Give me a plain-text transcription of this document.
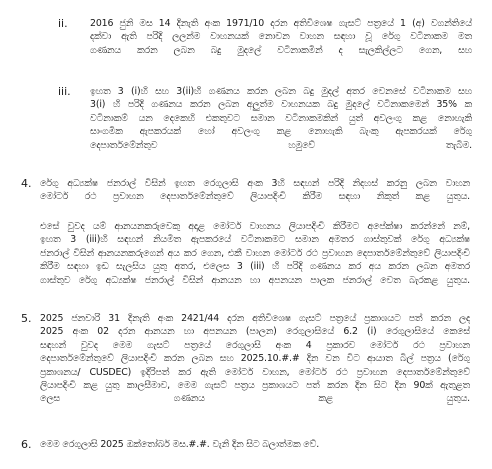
ii. 2016 ජුනි මස 14 දිනැති අංක 1971/10 දරන අතිවිශෙෂ ගැසට් පත්‍රයේ 1 (අ) වගන්තියේ
දක්වා ඇති පරිදි ලලන්ම වාහනයක් නොවන වාහන සඳහා වූ රේගු වටිනාකම මත
ගණනය කරන ලබන බදු මුදලේ වටිනාකමින් ද සැලකිල්ලට ගෙන, සහ
iii. ඉහත 3 (i)හි සහ 3(ii)හි ගණනය කරන ලබන බදු මුදල් අතර වෙනසේ වටිනාකම සහ
3(i) හි පරිදි ගණනය කරන ලබන අලුත්ම වාහනයක බදු මුදලේ වටිනාකමෙන් 35% ක
වටිනාකම් යන දෙකෙහි එකතුවට සමාන වටිනාකමකින් යුත් අවලංගු කළ නොහැකි
සාංගමික ඇපකරයක් හෝ අවලංගු කළ නොහැකි බැංකු ඇපකරයක් රේගු
දෙපාර්තමේන්තුව හමුවේ තැබීම.
4. රේගු අධ්‍යක්ෂ ජනරාල් විසින් ඉහත රෙගුලාසි අංක 3හි සඳහන් පරිදි නිදහස් කරනු ලබන වාහන
මෝටර් රථ ප්‍රවාහන දෙපාර්තමේන්තුවේ ලියාපදිංචි කිරීම සඳහා නිකුත් කළ යුතුය.
එසේ වුවද යම් ආනයනකරුවෙකු අදාළ මෝටර් වාහනය ලියාපදිංචි කිරීමට අපේක්ෂා කරන්නේ නම්,
ඉහත 3 (iii)හි සඳහන් නියමිත ඇපකරයේ වටිනාකමට සමාන අමතර ගාස්තුවක් රේගු අධ්‍යක්ෂ
ජනරාල් විසින් ආනයනකරුගෙන් අය කර ගෙන, එකී වාහන මෝටර් රථ ප්‍රවාහන දෙපාර්තමේන්තුවේ ලියාපදිංචි
කිරීම සඳහා ඉඩ සැලසිය යුතු අතර, එලෙස 3 (iii) හි පරිදි ගණනය කර අය කරන ලබන අමතර
ගාස්තුව රේගු අධ්‍යක්ෂ ජනරාල් විසින් ආනයන හා අපනයන පාලක ජනරාල් වෙත බැරකළ යුතුය.
5. 2025 ජනවාරි 31 දිනැති අංක 2421/44 දරන අතිවිශෙෂ ගැසට් පත්‍රයේ ප්‍රකාශයට පත් කරන ලද
2025 අංක 02 දරන ආනයන හා අපනයන (පාලන) රෙගුලාසියේ 6.2 (i) රෙගුලාසියේ කෙසේ
සඳහන් වුවද මෙම ගැසට් පත්‍රයේ රෙගුලාසි අංක 4 ප්‍රකාරව මෝටර් රථ ප්‍රවාහන
දෙපාර්තමේන්තුවේ ලියාපදිංචි කරන ලබන සහ 2025.10.#.# දින වන විට ආයාත බිල් පත්‍රය (රේගු
ප්‍රකාශනය/ CUSDEC) ඉදිරිපත් කර ඇති මෝටර් වාහන, මෝටර් රථ ප්‍රවාහන දෙපාර්තමේන්තුවේ
ලියාපදිංචි කළ යුතු කාලසීමාව, මෙම ගැසට් පත්‍රය ප්‍රකාශයට පත් කරන දින සිට දින 90ක් ඇතුළත
ලෙස ගණනය කළ යුතුය.
6. මෙම රෙගුලාසි 2025 ඔක්තෝබර් මස.#.#. වැනි දින සිට බලාත්මක වේ.
